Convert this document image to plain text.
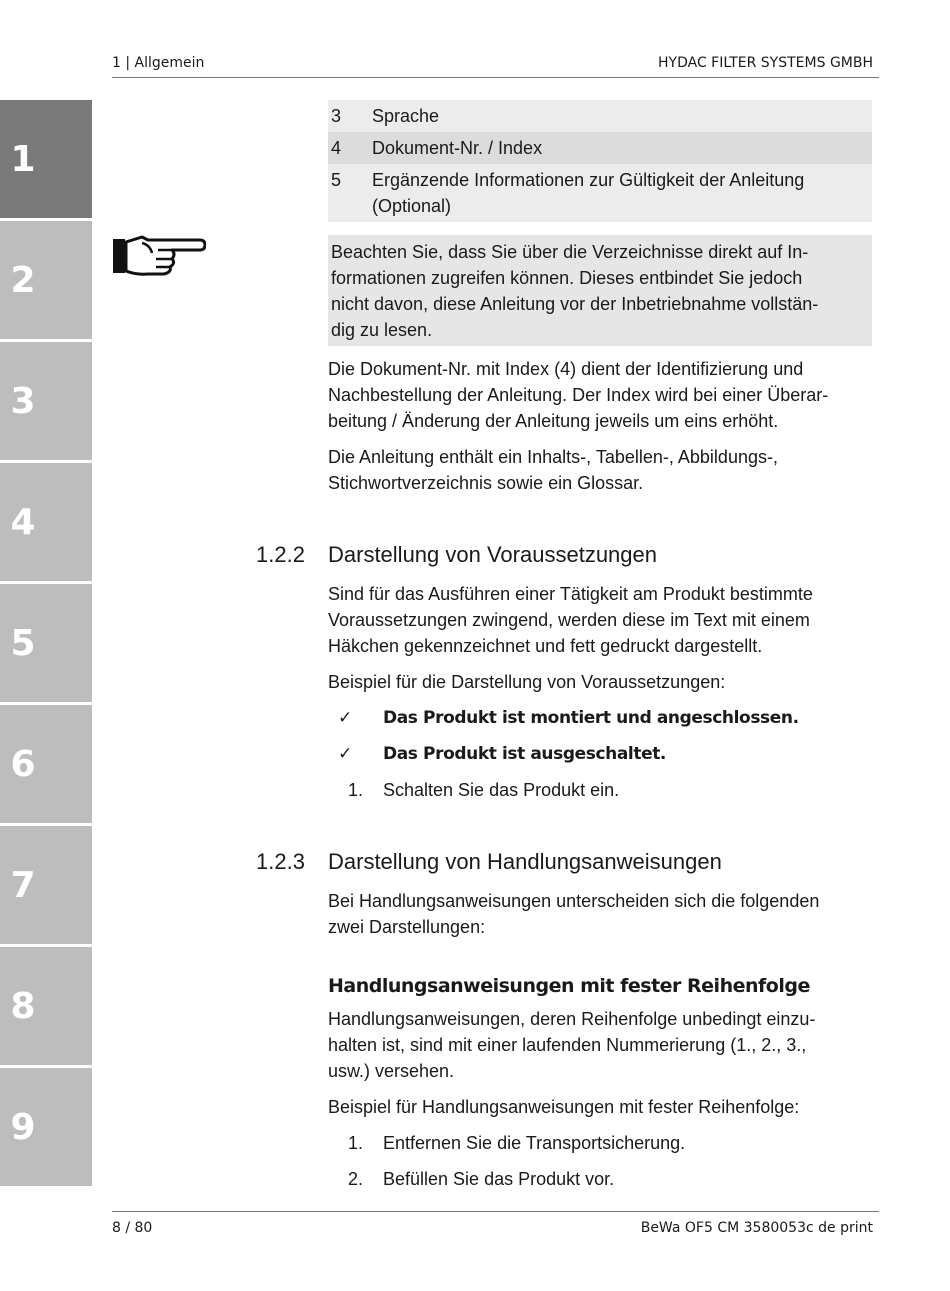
1 | Allgemein	HYDAC FILTER SYSTEMS GMBH
1
2
3
4
5
6
7
8
9
3	Sprache
4	Dokument-Nr. / Index
5	Ergänzende Informationen zur Gültigkeit der Anleitung (Optional)

Beachten Sie, dass Sie über die Verzeichnisse direkt auf In-

formationen zugreifen können. Dieses entbindet Sie jedoch

nicht davon, diese Anleitung vor der Inbetriebnahme vollstän-

dig zu lesen.

Die Dokument-Nr. mit Index (4) dient der Identifizierung und

Nachbestellung der Anleitung. Der Index wird bei einer Überar-

beitung / Änderung der Anleitung jeweils um eins erhöht.

Die Anleitung enthält ein Inhalts-, Tabellen-, Abbildungs-,

Stichwortverzeichnis sowie ein Glossar.

1.2.2 Darstellung von Voraussetzungen

Sind für das Ausführen einer Tätigkeit am Produkt bestimmte

Voraussetzungen zwingend, werden diese im Text mit einem

Häkchen gekennzeichnet und fett gedruckt dargestellt.

Beispiel für die Darstellung von Voraussetzungen:

✓ Das Produkt ist montiert und angeschlossen.
✓ Das Produkt ist ausgeschaltet.
1. Schalten Sie das Produkt ein.
1.2.3 Darstellung von Handlungsanweisungen

Bei Handlungsanweisungen unterscheiden sich die folgenden

zwei Darstellungen:

Handlungsanweisungen mit fester Reihenfolge

Handlungsanweisungen, deren Reihenfolge unbedingt einzu-

halten ist, sind mit einer laufenden Nummerierung (1., 2., 3.,

usw.) versehen.

Beispiel für Handlungsanweisungen mit fester Reihenfolge:

1. Entfernen Sie die Transportsicherung.
2. Befüllen Sie das Produkt vor.
8 / 80	BeWa OF5 CM 3580053c de print
